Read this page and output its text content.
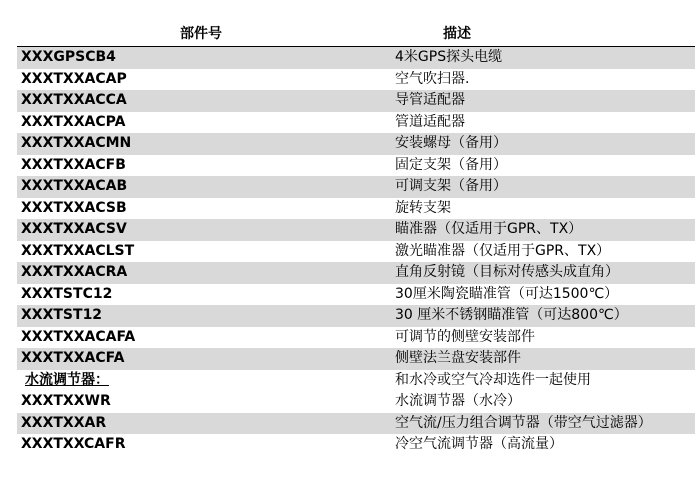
部件号	描述
XXXGPSCB4	4米GPS探头电缆
XXXTXXACAP	空气吹扫器.
XXXTXXACCA	导管适配器
XXXTXXACPA	管道适配器
XXXTXXACMN	安装螺母（备用）
XXXTXXACFB	固定支架（备用）
XXXTXXACAB	可调支架（备用）
XXXTXXACSB	旋转支架
XXXTXXACSV	瞄准器（仅适用于GPR、TX）
XXXTXXACLST	激光瞄准器（仅适用于GPR、TX）
XXXTXXACRA	直角反射镜（目标对传感头成直角）
XXXTSTC12	30厘米陶瓷瞄准管（可达1500℃）
XXXTST12	30 厘米不锈钢瞄准管（可达800℃）
XXXTXXACAFA	可调节的侧壁安装部件
XXXTXXACFA	侧壁法兰盘安装部件
水流调节器：	和水冷或空气冷却选件一起使用
XXXTXXWR	水流调节器（水冷）
XXXTXXAR	空气流/压力组合调节器（带空气过滤器）
XXXTXXCAFR	冷空气流调节器（高流量）
